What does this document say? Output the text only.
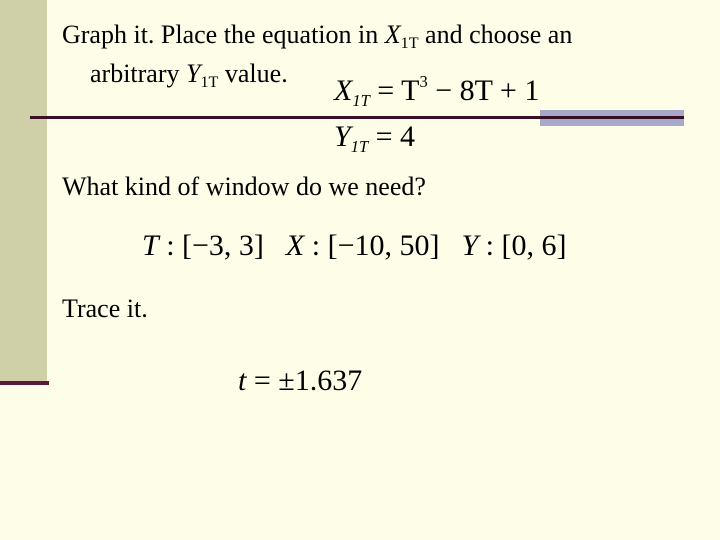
Graph it. Place the equation in X1T and choose an
arbitrary Y1T value.
$X_{1T} = T^3 - 8T + 1$
$Y_{1T} = 4$
What kind of window do we need?
T : [−3, 3] X : [−10, 50] Y : [0, 6]
Trace it.
t = ±1.637
